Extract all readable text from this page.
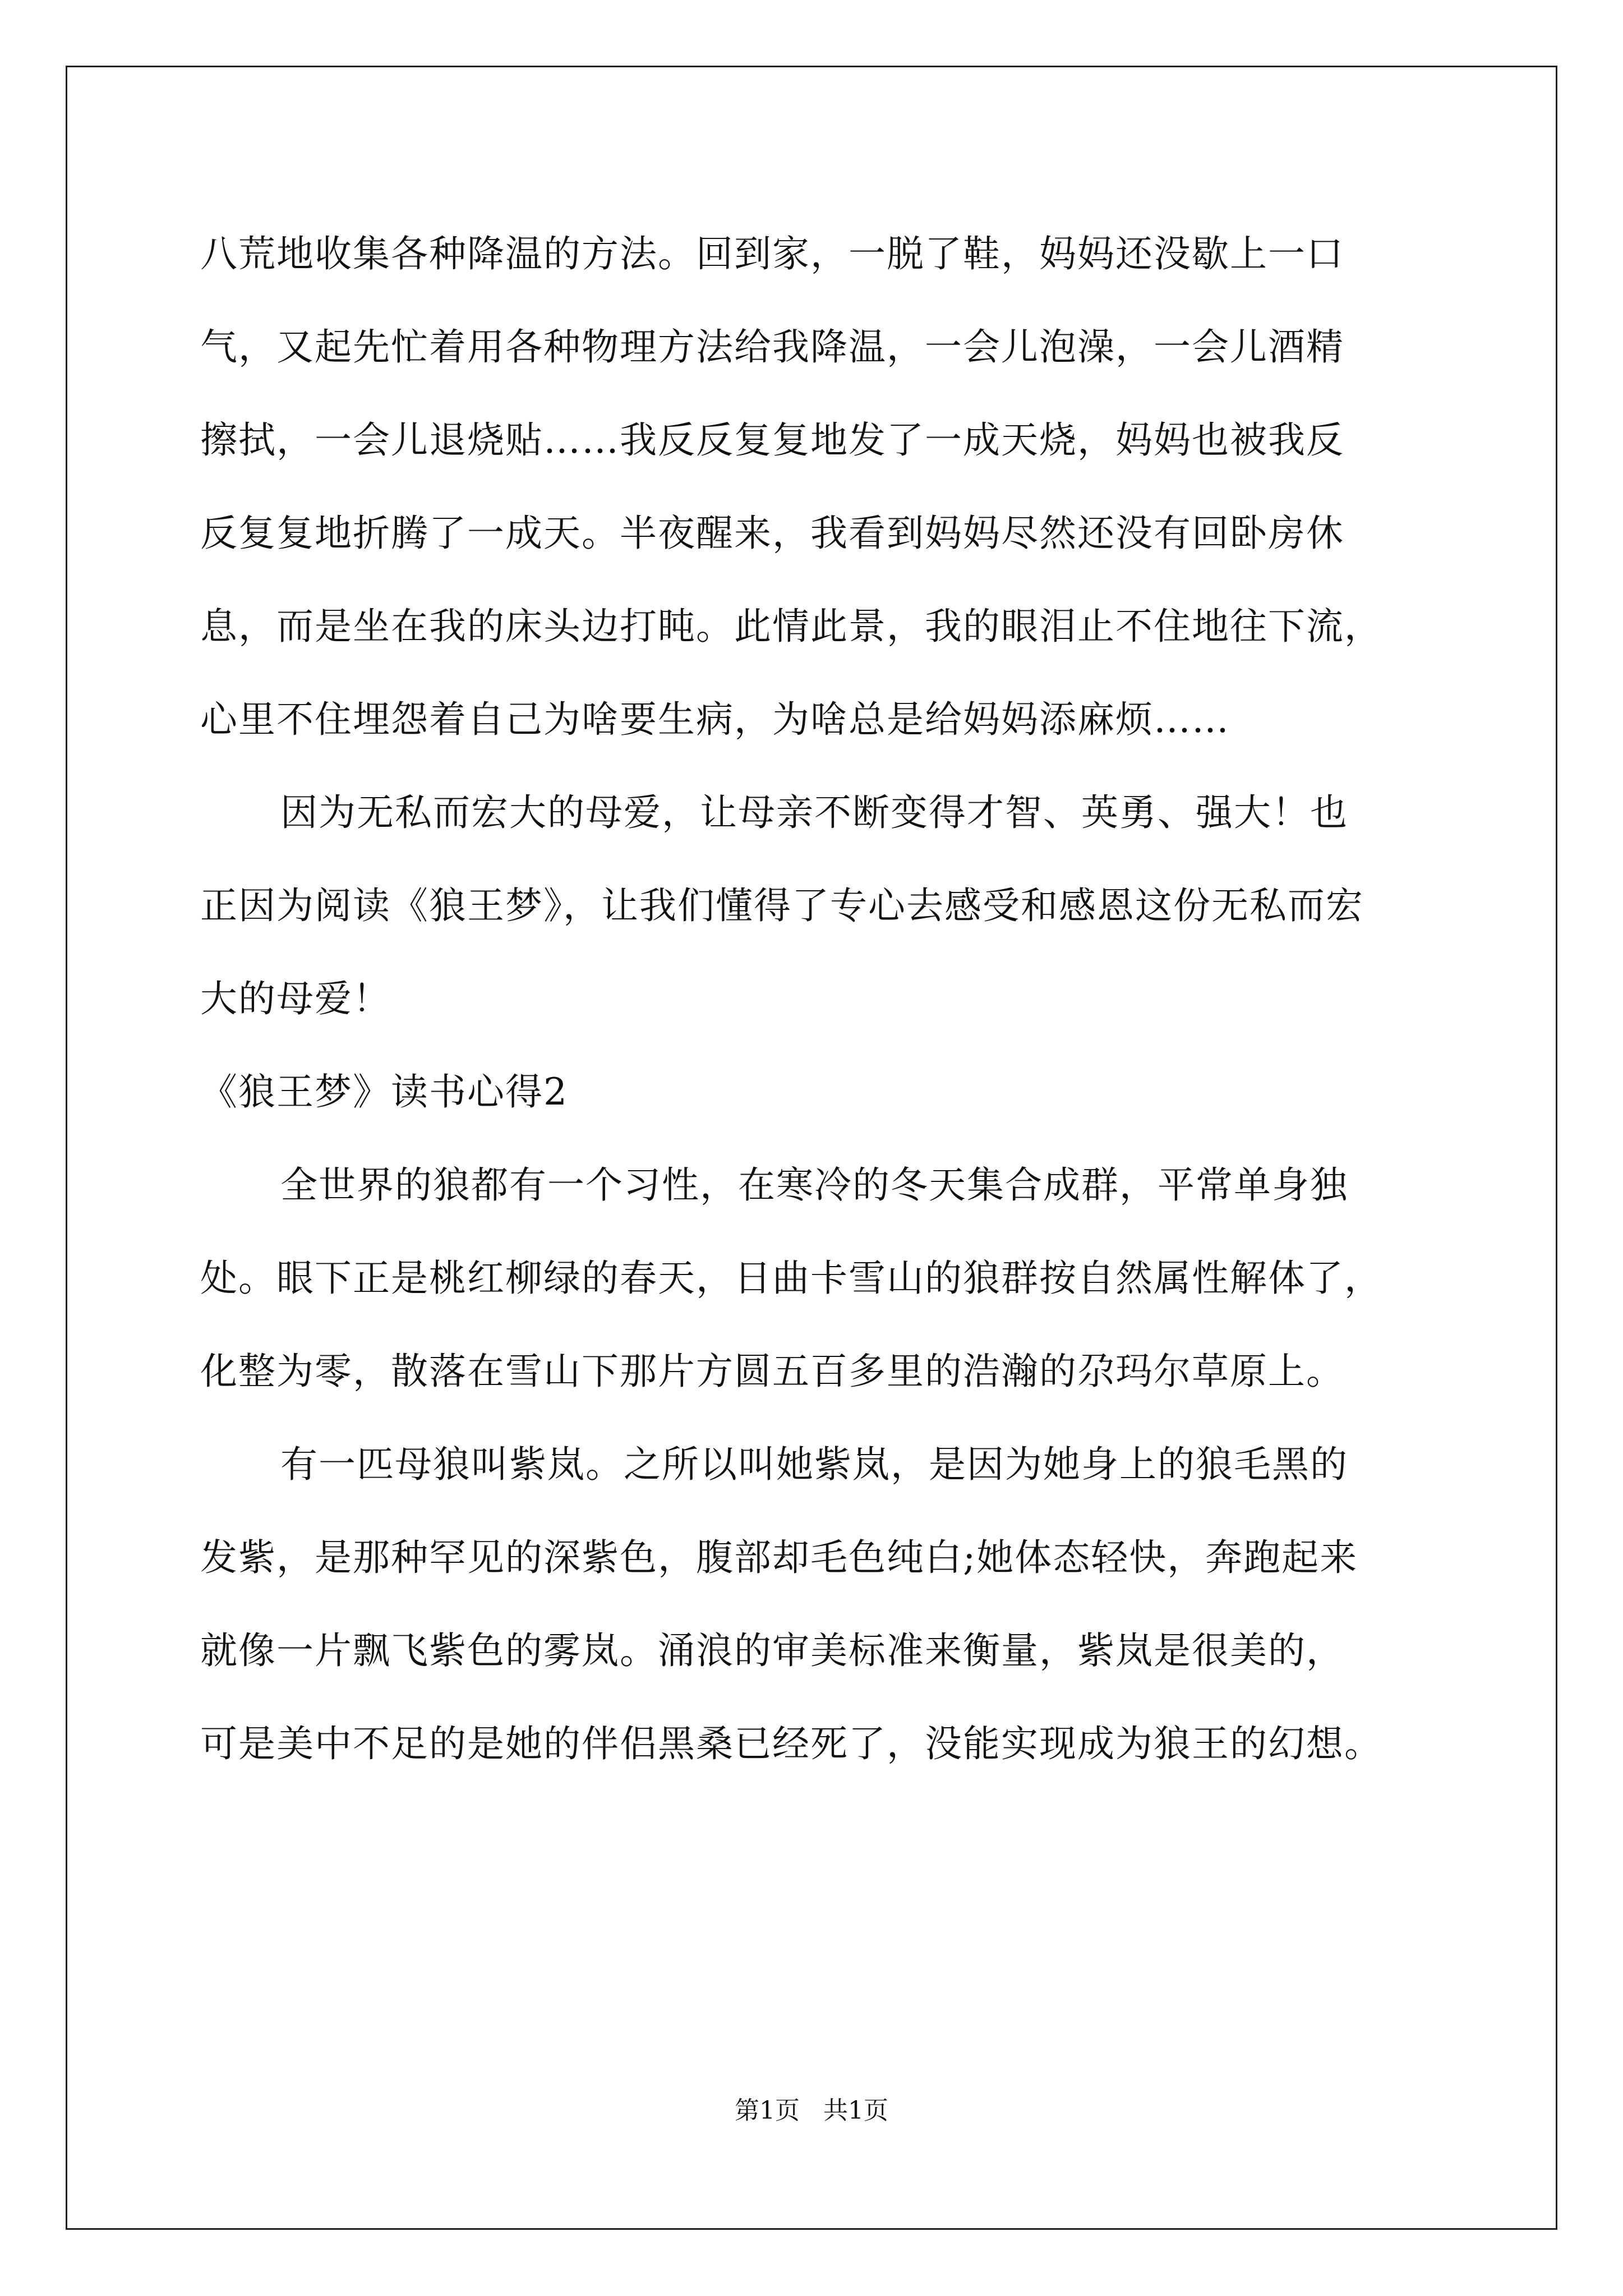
八荒地收集各种降温的方法。回到家，一脱了鞋，妈妈还没歇上一口
气，又起先忙着用各种物理方法给我降温，一会儿泡澡，一会儿酒精
擦拭，一会儿退烧贴……我反反复复地发了一成天烧，妈妈也被我反
反复复地折腾了一成天。半夜醒来，我看到妈妈尽然还没有回卧房休
息，而是坐在我的床头边打盹。此情此景，我的眼泪止不住地往下流，
心里不住埋怨着自己为啥要生病，为啥总是给妈妈添麻烦……
因为无私而宏大的母爱，让母亲不断变得才智、英勇、强大！也
正因为阅读《狼王梦》，让我们懂得了专心去感受和感恩这份无私而宏
大的母爱！
《狼王梦》读书心得2
全世界的狼都有一个习性，在寒冷的冬天集合成群，平常单身独
处。眼下正是桃红柳绿的春天，日曲卡雪山的狼群按自然属性解体了，
化整为零，散落在雪山下那片方圆五百多里的浩瀚的尕玛尔草原上。
有一匹母狼叫紫岚。之所以叫她紫岚，是因为她身上的狼毛黑的
发紫，是那种罕见的深紫色，腹部却毛色纯白;她体态轻快，奔跑起来
就像一片飘飞紫色的雾岚。涌浪的审美标准来衡量，紫岚是很美的，
可是美中不足的是她的伴侣黑桑已经死了，没能实现成为狼王的幻想。
第1页   共1页
